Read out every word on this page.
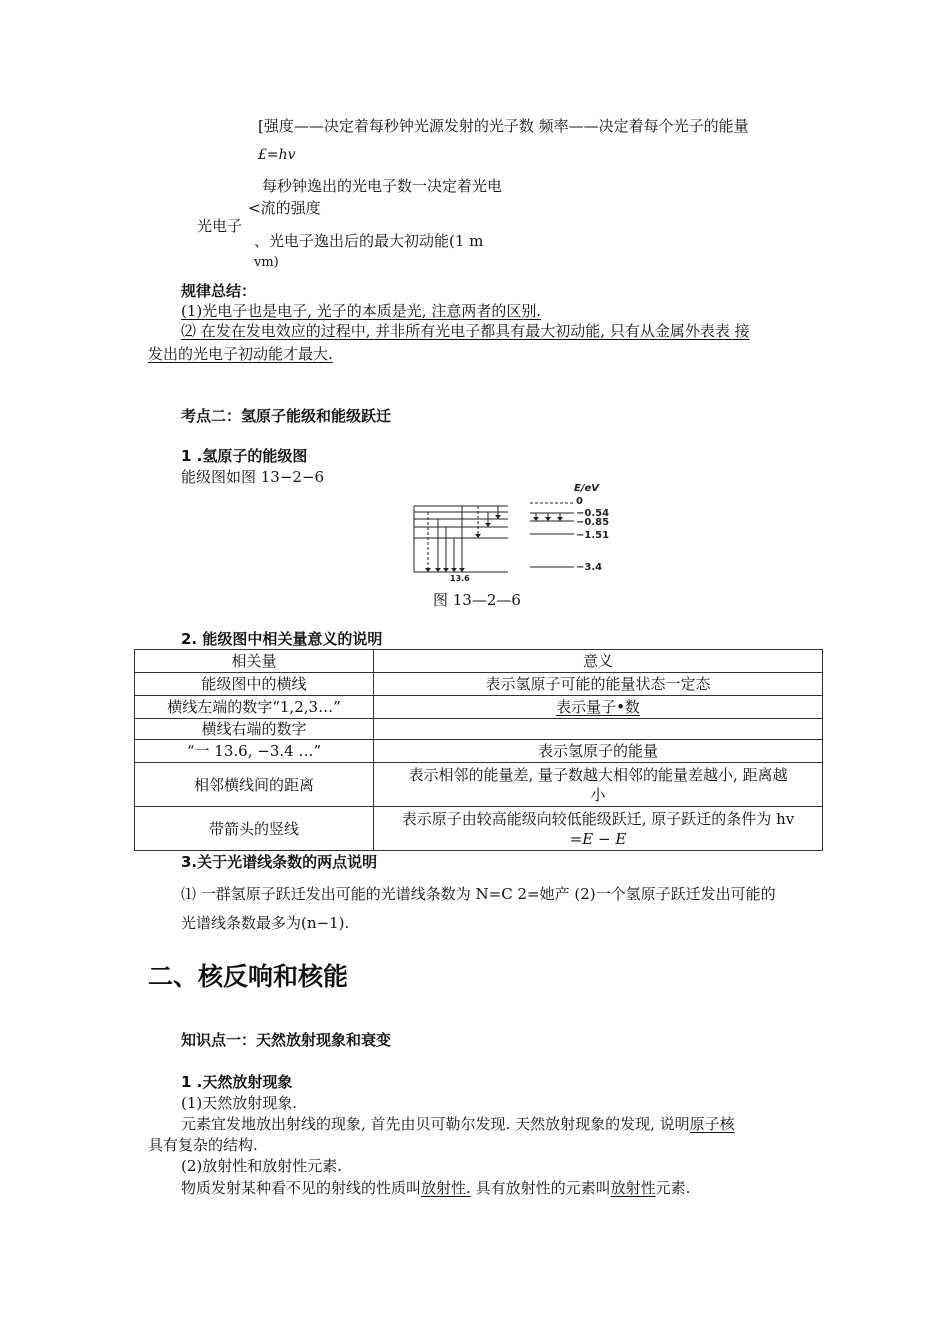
[强度——决定着每秒钟光源发射的光子数 频率——决定着每个光子的能量
£=hv
每秒钟逸出的光电子数一决定着光电
<流的强度
光电子
、光电子逸出后的最大初动能(1 m
vm)
规律总结：
(1)光电子也是电子, 光子的本质是光, 注意两者的区别.
⑵ 在发在发电效应的过程中, 并非所有光电子都具有最大初动能, 只有从金属外表表 接
发出的光电子初动能才最大.
考点二：氢原子能级和能级跃迁
1 .氢原子的能级图
能级图如图 13−2−6
E/eV
0
−0.54
−0.85
−1.51
−3.4
13.6
图 13—2—6
2. 能级图中相关量意义的说明
相关量	意义
能级图中的横线	表示氢原子可能的能量状态一定态
横线左端的数字“1,2,3…”	表示量子•数
横线右端的数字	
“一 13.6, −3.4 …”	表示氢原子的能量
相邻横线间的距离	表示相邻的能量差, 量子数越大相邻的能量差越小, 距离越
小

带箭头的竖线	表示原子由较高能级向较低能级跃迁, 原子跃迁的条件为 hv
=E − E
3.关于光谱线条数的两点说明
⑴ 一群氢原子跃迁发出可能的光谱线条数为 N=C 2=她产 (2)一个氢原子跃迁发出可能的
光谱线条数最多为(n−1).
二、核反响和核能
知识点一：天然放射现象和衰变
1 .天然放射现象
(1)天然放射现象.
元素宜发地放出射线的现象, 首先由贝可勒尔发现. 天然放射现象的发现, 说明原子核
具有复杂的结构.
(2)放射性和放射性元素.
物质发射某种看不见的射线的性质叫放射性. 具有放射性的元素叫放射性元素.
